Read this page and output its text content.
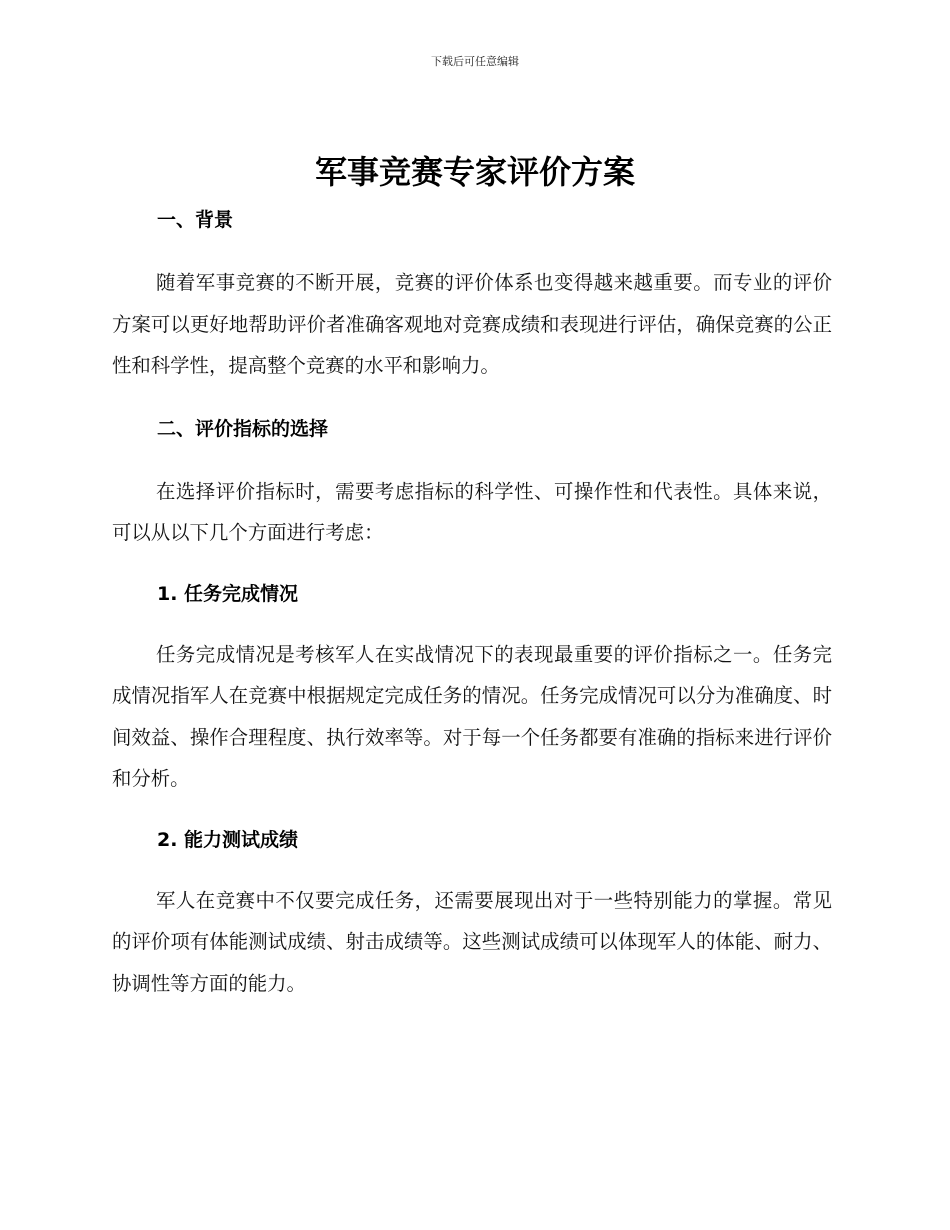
下载后可任意编辑
军事竞赛专家评价方案
一、背景

随着军事竞赛的不断开展，竞赛的评价体系也变得越来越重要。而专业的评价方案可以更好地帮助评价者准确客观地对竞赛成绩和表现进行评估，确保竞赛的公正性和科学性，提高整个竞赛的水平和影响力。

二、评价指标的选择

在选择评价指标时，需要考虑指标的科学性、可操作性和代表性。具体来说，可以从以下几个方面进行考虑：

1. 任务完成情况

任务完成情况是考核军人在实战情况下的表现最重要的评价指标之一。任务完成情况指军人在竞赛中根据规定完成任务的情况。任务完成情况可以分为准确度、时间效益、操作合理程度、执行效率等。对于每一个任务都要有准确的指标来进行评价和分析。

2. 能力测试成绩

军人在竞赛中不仅要完成任务，还需要展现出对于一些特别能力的掌握。常见的评价项有体能测试成绩、射击成绩等。这些测试成绩可以体现军人的体能、耐力、协调性等方面的能力。
